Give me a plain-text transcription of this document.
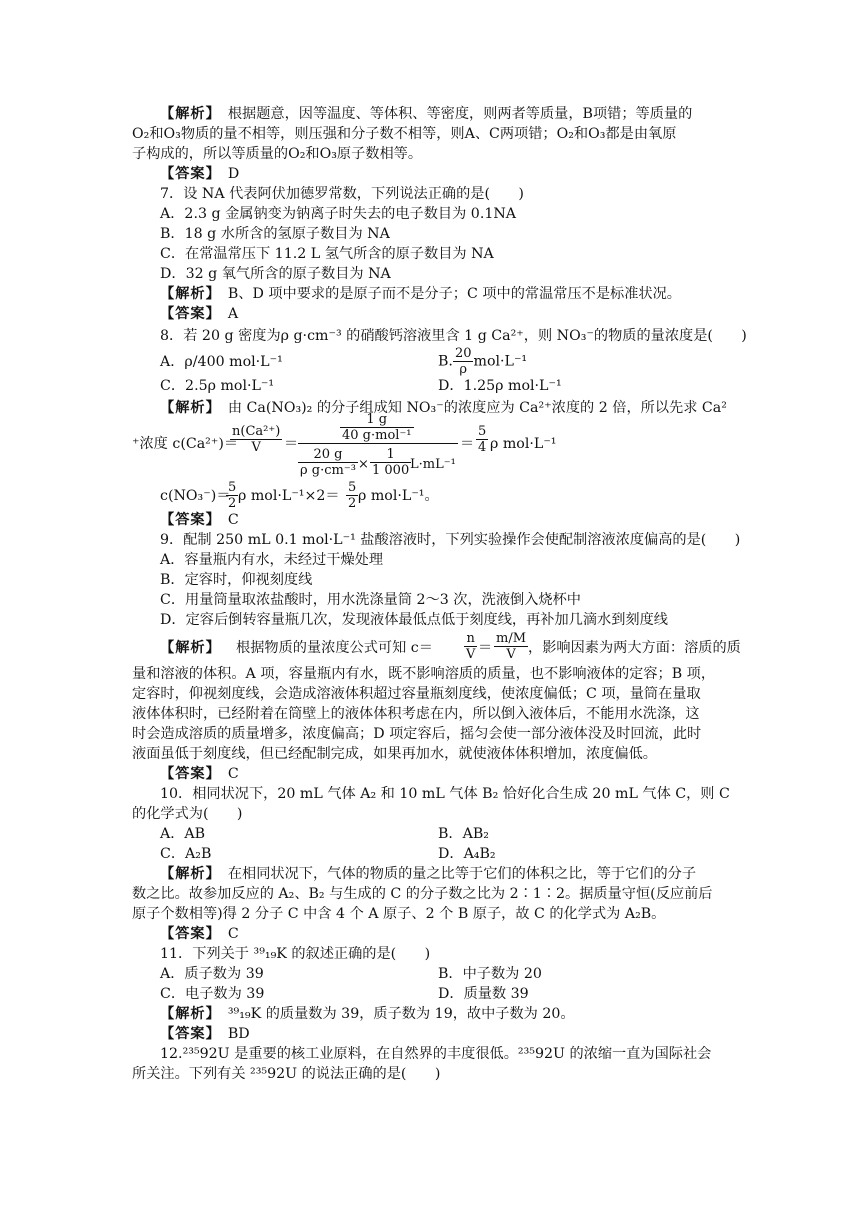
【解析】　 根据题意，因等温度、等体积、等密度，则两者等质量，B项错；等质量的
O₂和O₃物质的量不相等，则压强和分子数不相等，则A、C两项错；O₂和O₃都是由氧原
子构成的，所以等质量的O₂和O₃原子数相等。
【答案】　 D
7．设 NA 代表阿伏加德罗常数，下列说法正确的是(　　)
A．2.3 g 金属钠变为钠离子时失去的电子数目为 0.1NA
B．18 g 水所含的氢原子数目为 NA
C．在常温常压下 11.2 L 氢气所含的原子数目为 NA
D．32 g 氧气所含的原子数目为 NA
【解析】　 B、D 项中要求的是原子而不是分子；C 项中的常温常压不是标准状况。
【答案】　 A
8．若 20 g 密度为ρ g·cm⁻³ 的硝酸钙溶液里含 1 g Ca²⁺，则 NO₃⁻的物质的量浓度是(　　)
A．ρ/400 mol·L⁻¹	B. $\frac{20}{\rho} mol\cdot L^{-1}$
C．2.5ρ mol·L⁻¹	D．1.25ρ mol·L⁻¹
【解析】　 由 Ca(NO₃)₂ 的分子组成知 NO₃⁻的浓度应为 Ca²⁺浓度的 2 倍，所以先求 Ca²
⁺浓度 c(Ca²⁺)＝
$\frac{\text{n(Ca²⁺)}}{V}$ ＝
1 g
40 g·mol⁻¹
$\frac{20 g}{\text{ρ g·cm⁻³}} \times \frac{1}{1 000}$
L·mL⁻¹
＝ $\frac{5}{4}$ ρ mol·L⁻¹
c(NO₃⁻)＝
$\frac{5}{2}$ ρ $mol\cdot L^{-1}\times 2= \frac{5}{2}$ ρ mol·L⁻¹。
【答案】　 C
9．配制 250 mL 0.1 mol·L⁻¹ 盐酸溶液时，下列实验操作会使配制溶液浓度偏高的是(　　)
A．容量瓶内有水，未经过干燥处理
B．定容时，仰视刻度线
C．用量筒量取浓盐酸时，用水洗涤量筒 2～3 次，洗液倒入烧杯中
D．定容后倒转容量瓶几次，发现液体最低点低于刻度线，再补加几滴水到刻度线
【解析】 根据物质的量浓度公式可知 $c= \frac{n}{V} = \frac{m/M}{V}$ ，影响因素为两大方面：溶质的质
量和溶液的体积。A 项，容量瓶内有水，既不影响溶质的质量，也不影响液体的定容；B 项，
定容时，仰视刻度线，会造成溶液体积超过容量瓶刻度线，使浓度偏低；C 项，量筒在量取
液体体积时，已经附着在筒壁上的液体体积考虑在内，所以倒入液体后，不能用水洗涤，这
时会造成溶质的质量增多，浓度偏高；D 项定容后，摇匀会使一部分液体没及时回流，此时
液面虽低于刻度线，但已经配制完成，如果再加水，就使液体体积增加，浓度偏低。
【答案】　 C
10．相同状况下，20 mL 气体 A₂ 和 10 mL 气体 B₂ 恰好化合生成 20 mL 气体 C，则 C
的化学式为(　　)
A．AB	B．AB₂
C．A₂B	D．A₄B₂
【解析】　 在相同状况下，气体的物质的量之比等于它们的体积之比，等于它们的分子
数之比。故参加反应的 A₂、B₂ 与生成的 C 的分子数之比为 2∶1∶2。据质量守恒(反应前后
原子个数相等)得 2 分子 C 中含 4 个 A 原子、2 个 B 原子，故 C 的化学式为 A₂B。
【答案】　 C
11．下列关于 ³⁹₁₉K 的叙述正确的是(　　)
A．质子数为 39	B．中子数为 20
C．电子数为 39	D．质量数 39
【解析】　 ³⁹₁₉K 的质量数为 39，质子数为 19，故中子数为 20。
【答案】　 BD
12.²³⁵92U 是重要的核工业原料，在自然界的丰度很低。²³⁵92U 的浓缩一直为国际社会
所关注。下列有关 ²³⁵92U 的说法正确的是(　　)
